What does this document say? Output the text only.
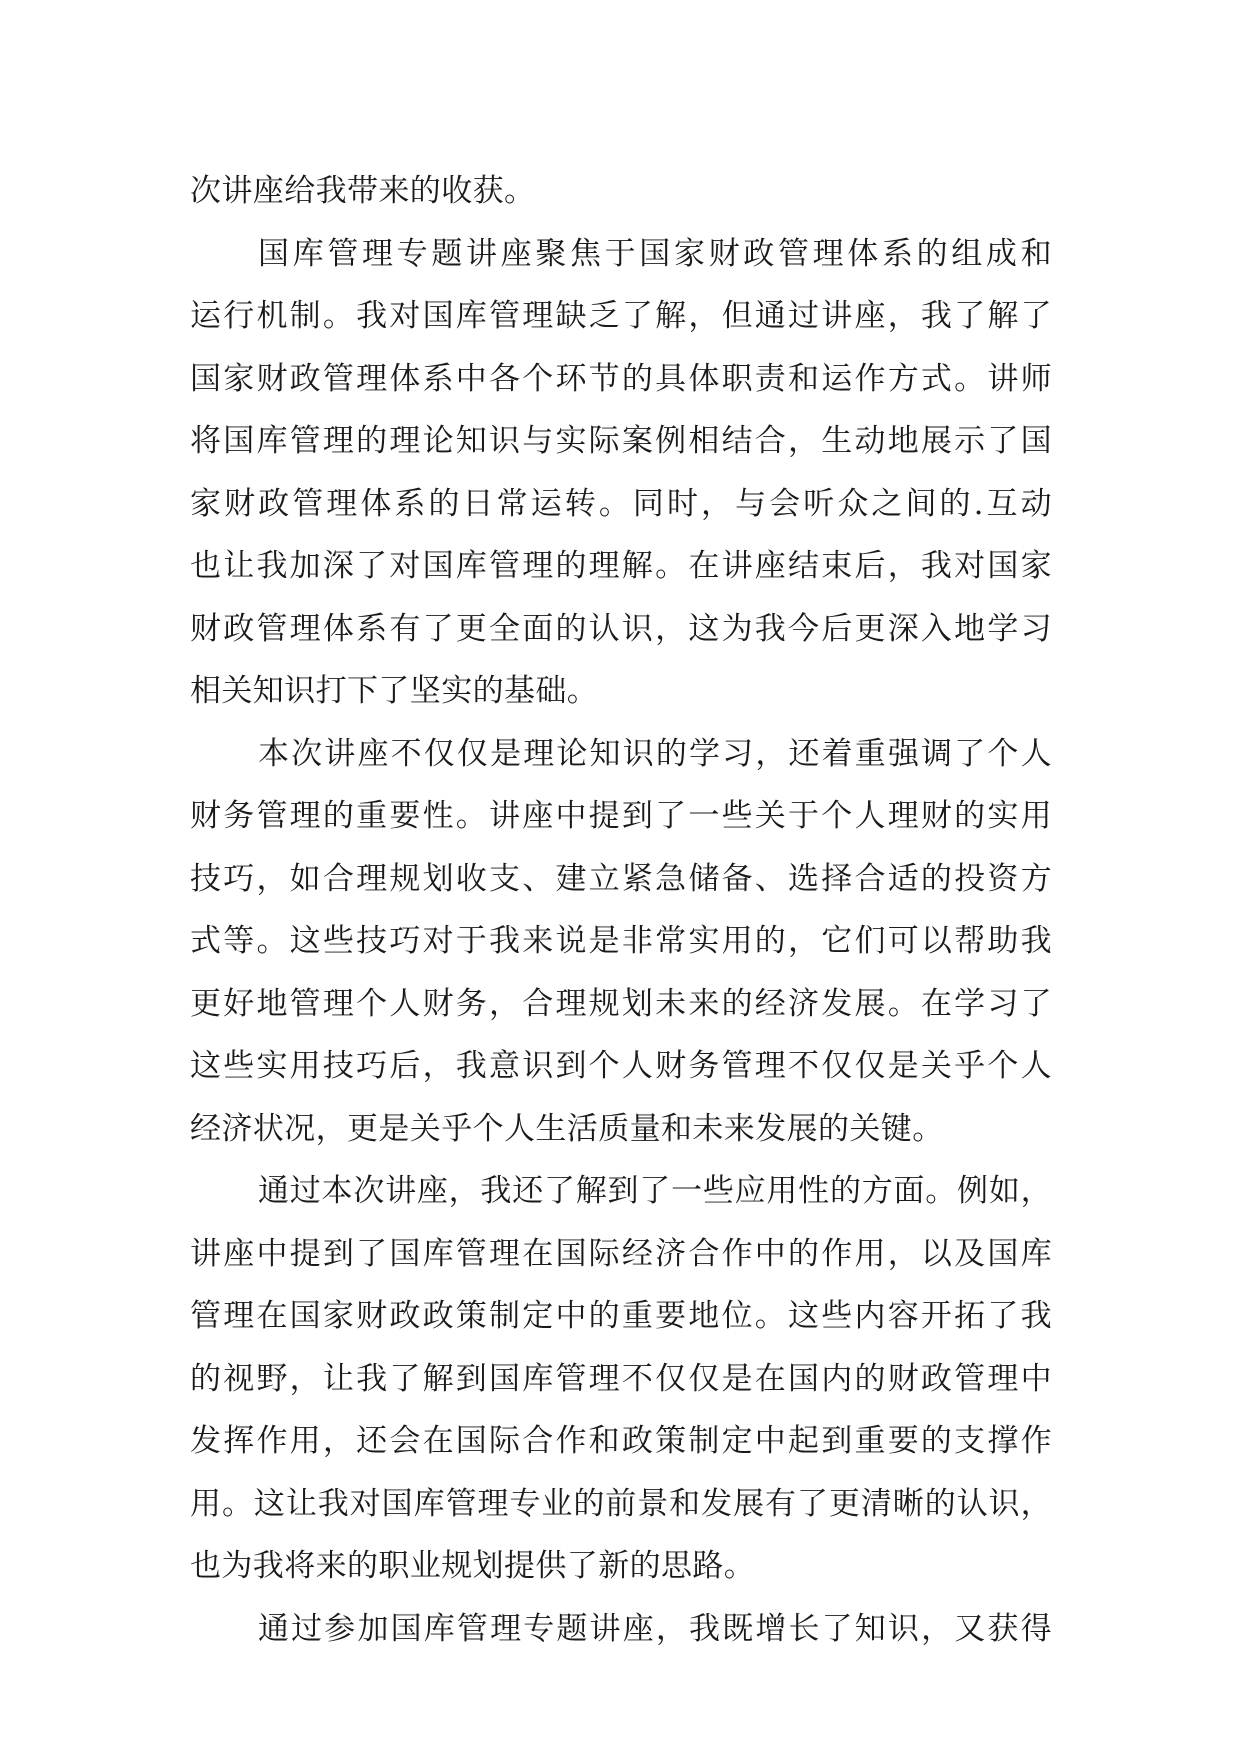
次讲座给我带来的收获。
国库管理专题讲座聚焦于国家财政管理体系的组成和
运行机制。我对国库管理缺乏了解，但通过讲座，我了解了
国家财政管理体系中各个环节的具体职责和运作方式。讲师
将国库管理的理论知识与实际案例相结合，生动地展示了国
家财政管理体系的日常运转。同时，与会听众之间的.互动
也让我加深了对国库管理的理解。在讲座结束后，我对国家
财政管理体系有了更全面的认识，这为我今后更深入地学习
相关知识打下了坚实的基础。
本次讲座不仅仅是理论知识的学习，还着重强调了个人
财务管理的重要性。讲座中提到了一些关于个人理财的实用
技巧，如合理规划收支、建立紧急储备、选择合适的投资方
式等。这些技巧对于我来说是非常实用的，它们可以帮助我
更好地管理个人财务，合理规划未来的经济发展。在学习了
这些实用技巧后，我意识到个人财务管理不仅仅是关乎个人
经济状况，更是关乎个人生活质量和未来发展的关键。
通过本次讲座，我还了解到了一些应用性的方面。例如，
讲座中提到了国库管理在国际经济合作中的作用，以及国库
管理在国家财政政策制定中的重要地位。这些内容开拓了我
的视野，让我了解到国库管理不仅仅是在国内的财政管理中
发挥作用，还会在国际合作和政策制定中起到重要的支撑作
用。这让我对国库管理专业的前景和发展有了更清晰的认识，
也为我将来的职业规划提供了新的思路。
通过参加国库管理专题讲座，我既增长了知识，又获得
